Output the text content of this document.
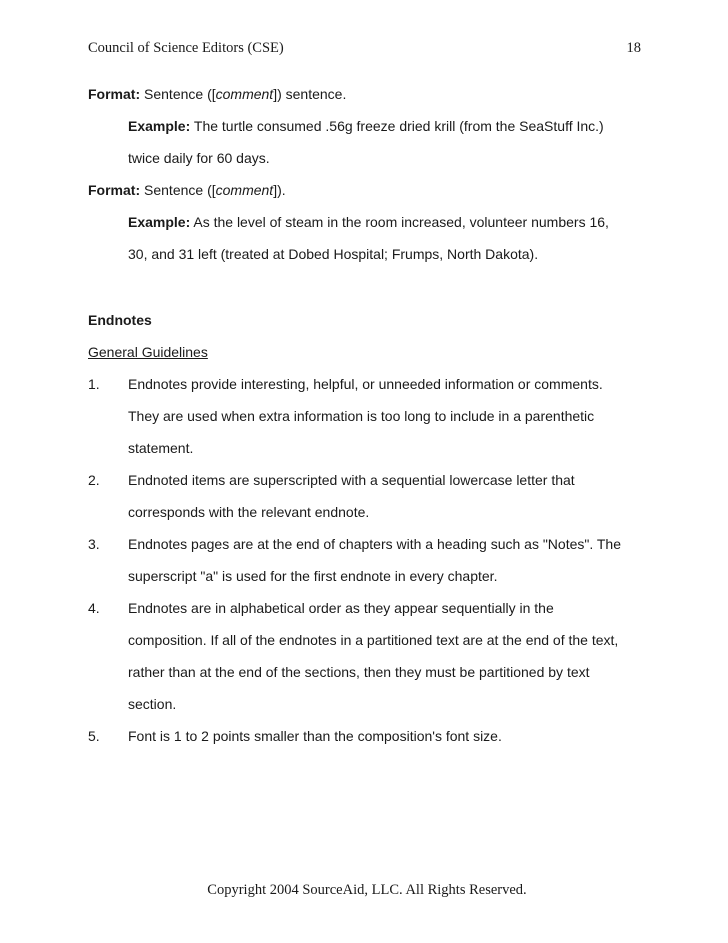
Council of Science Editors (CSE)	18
Format: Sentence ([comment]) sentence.
Example: The turtle consumed .56g freeze dried krill (from the SeaStuff Inc.)
twice daily for 60 days.
Format: Sentence ([comment]).
Example: As the level of steam in the room increased, volunteer numbers 16,
30, and 31 left (treated at Dobed Hospital; Frumps, North Dakota).
Endnotes
General Guidelines
1. Endnotes provide interesting, helpful, or unneeded information or comments.
They are used when extra information is too long to include in a parenthetic
statement.
2. Endnoted items are superscripted with a sequential lowercase letter that
corresponds with the relevant endnote.
3. Endnotes pages are at the end of chapters with a heading such as "Notes". The
superscript "a" is used for the first endnote in every chapter.
4. Endnotes are in alphabetical order as they appear sequentially in the
composition. If all of the endnotes in a partitioned text are at the end of the text,
rather than at the end of the sections, then they must be partitioned by text
section.
5. Font is 1 to 2 points smaller than the composition's font size.
Copyright 2004 SourceAid, LLC. All Rights Reserved.
